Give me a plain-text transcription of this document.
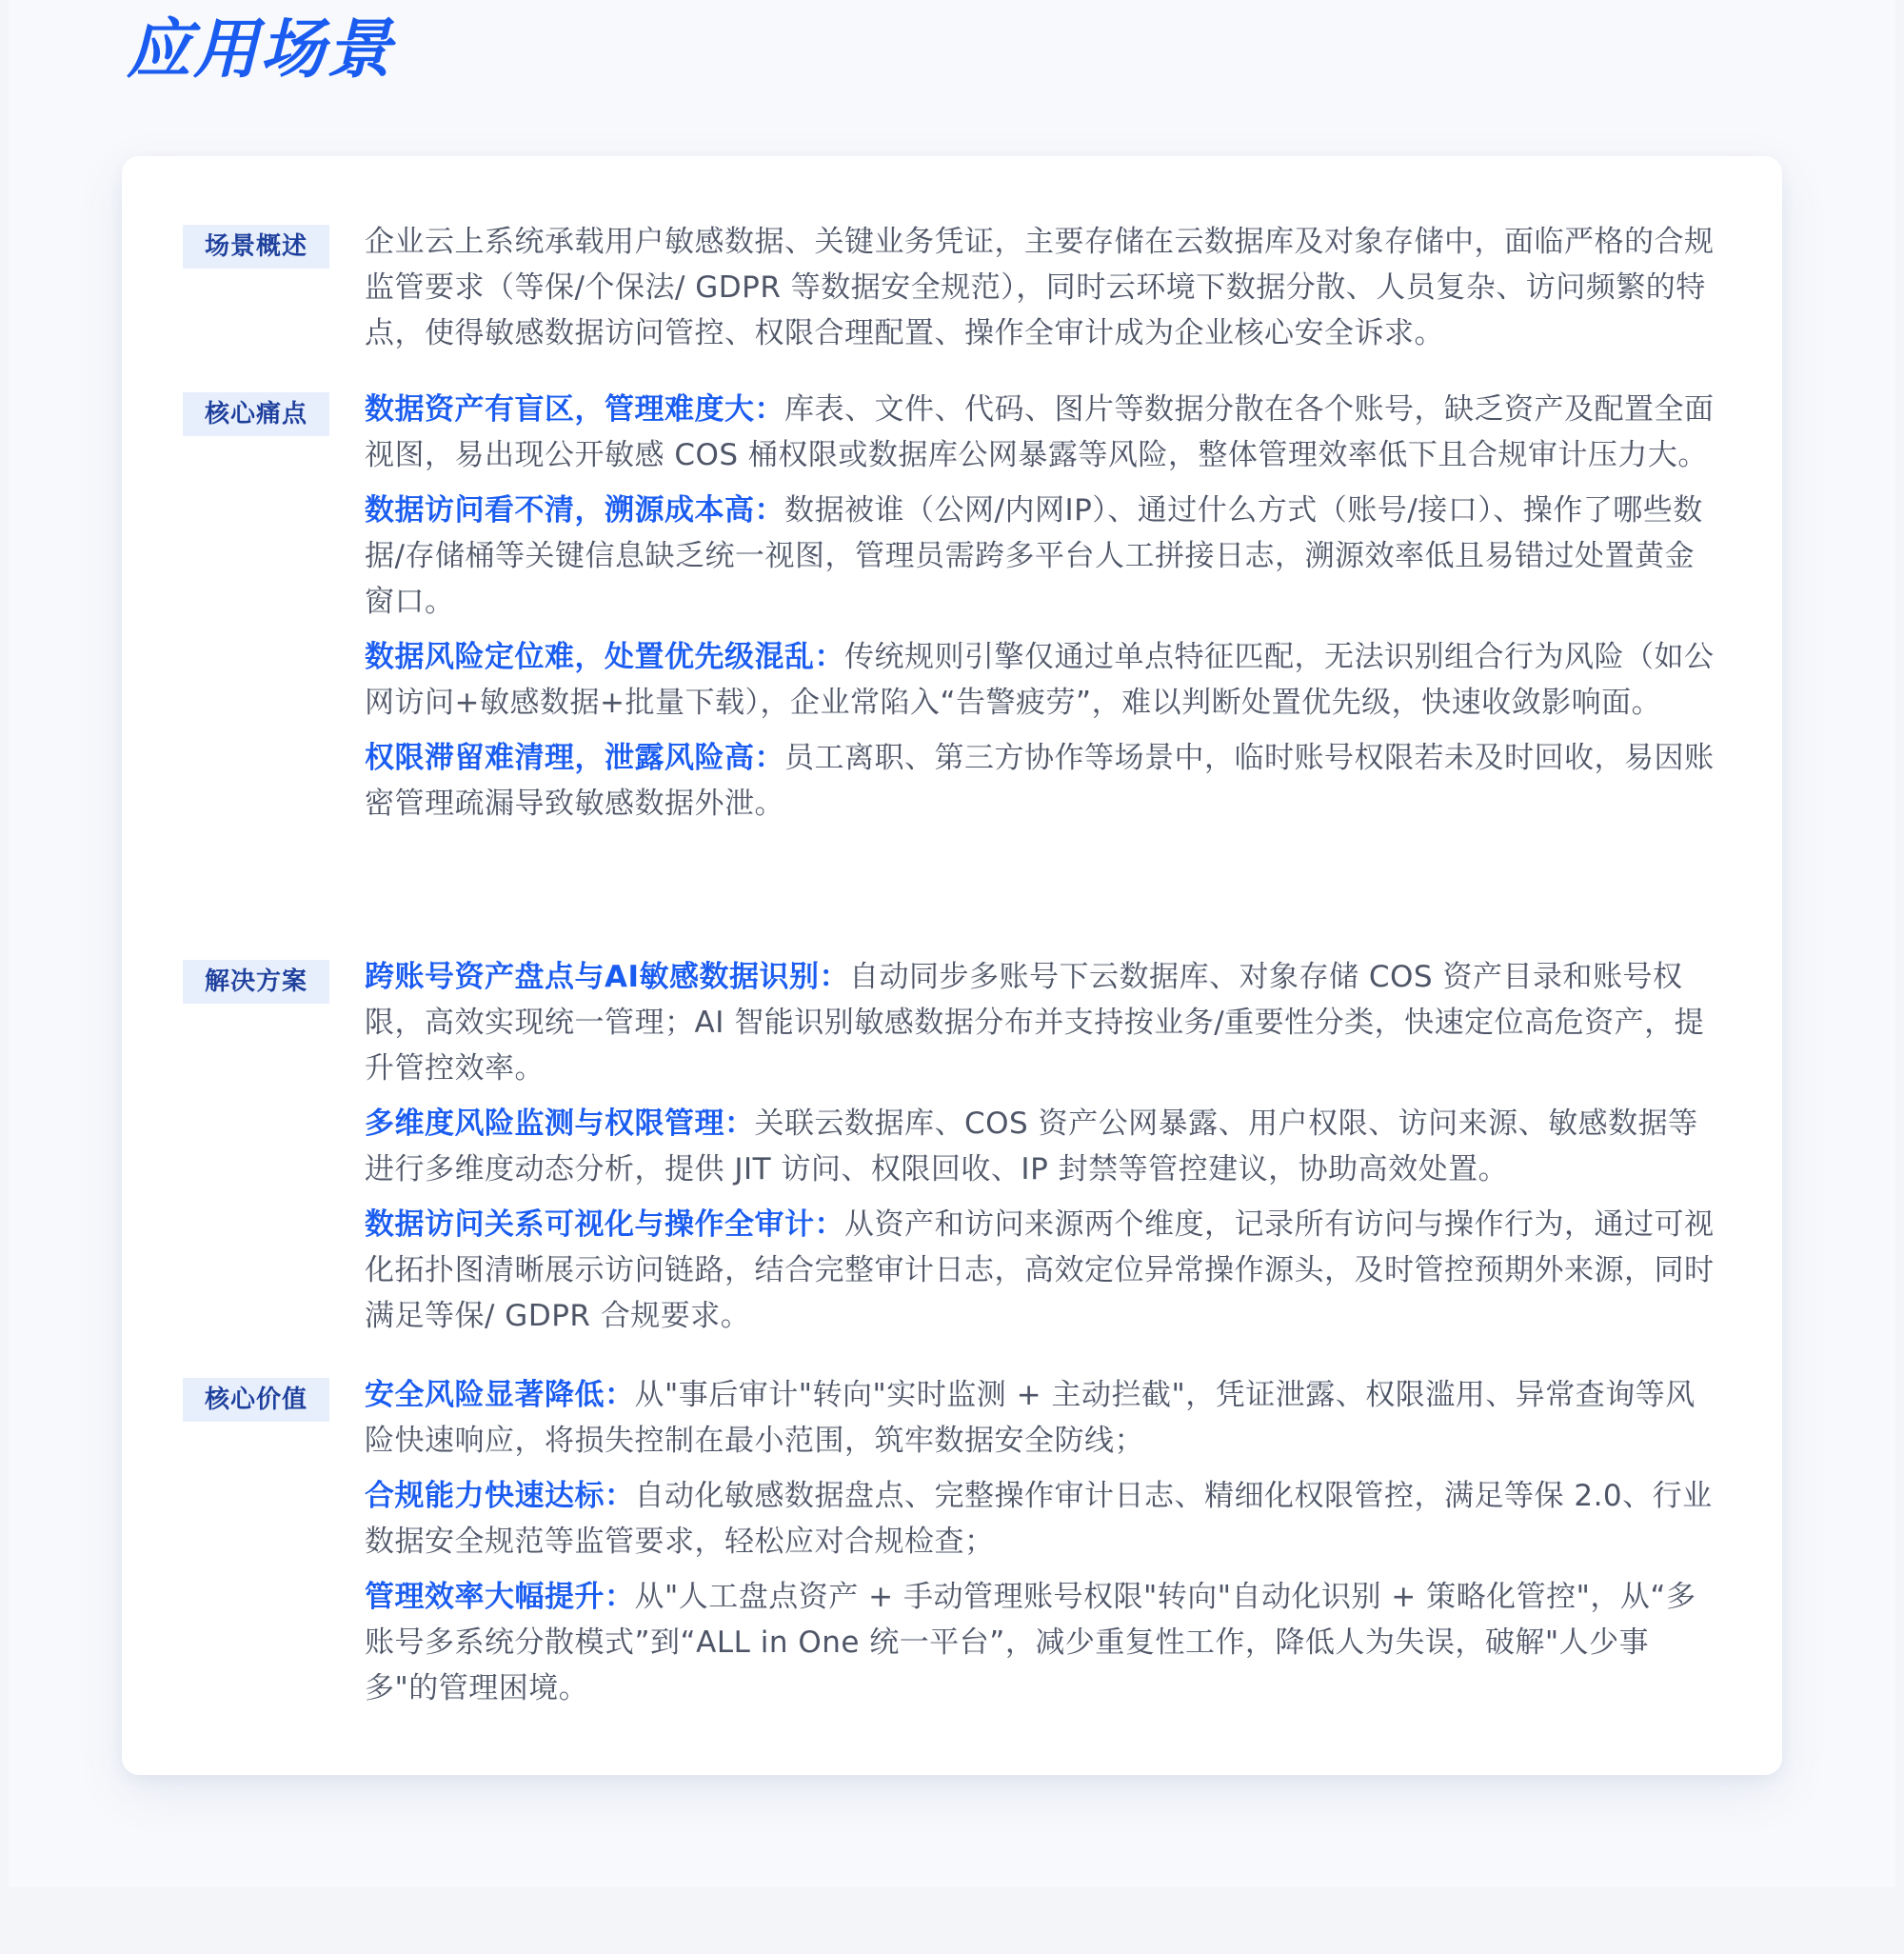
应用场景
场景概述	企业云上系统承载用户敏感数据、关键业务凭证，主要存储在云数据库及对象存储中，面临严格的合规监管要求（等保/个保法/ GDPR 等数据安全规范），同时云环境下数据分散、人员复杂、访问频繁的特点，使得敏感数据访问管控、权限合理配置、操作全审计成为企业核心安全诉求。

核心痛点	数据资产有盲区，管理难度大：库表、文件、代码、图片等数据分散在各个账号，缺乏资产及配置全面视图，易出现公开敏感 COS 桶权限或数据库公网暴露等风险，整体管理效率低下且合规审计压力大。

数据访问看不清，溯源成本高：数据被谁（公网/内网IP）、通过什么方式（账号/接口）、操作了哪些数据/存储桶等关键信息缺乏统一视图，管理员需跨多平台人工拼接日志，溯源效率低且易错过处置黄金窗口。

数据风险定位难，处置优先级混乱：传统规则引擎仅通过单点特征匹配，无法识别组合行为风险（如公网访问+敏感数据+批量下载），企业常陷入“告警疲劳”，难以判断处置优先级，快速收敛影响面。

权限滞留难清理，泄露风险高：员工离职、第三方协作等场景中，临时账号权限若未及时回收，易因账密管理疏漏导致敏感数据外泄。

解决方案	跨账号资产盘点与AI敏感数据识别：自动同步多账号下云数据库、对象存储 COS 资产目录和账号权限，高效实现统一管理；AI 智能识别敏感数据分布并支持按业务/重要性分类，快速定位高危资产，提升管控效率。

多维度风险监测与权限管理：关联云数据库、COS 资产公网暴露、用户权限、访问来源、敏感数据等进行多维度动态分析，提供 JIT 访问、权限回收、IP 封禁等管控建议，协助高效处置。

数据访问关系可视化与操作全审计：从资产和访问来源两个维度，记录所有访问与操作行为，通过可视化拓扑图清晰展示访问链路，结合完整审计日志，高效定位异常操作源头，及时管控预期外来源，同时满足等保/ GDPR 合规要求。

核心价值	安全风险显著降低：从"事后审计"转向"实时监测 + 主动拦截"，凭证泄露、权限滥用、异常查询等风险快速响应，将损失控制在最小范围，筑牢数据安全防线；

合规能力快速达标：自动化敏感数据盘点、完整操作审计日志、精细化权限管控，满足等保 2.0、行业数据安全规范等监管要求，轻松应对合规检查；

管理效率大幅提升：从"人工盘点资产 + 手动管理账号权限"转向"自动化识别 + 策略化管控"，从“多账号多系统分散模式”到“ALL in One 统一平台”，减少重复性工作，降低人为失误，破解"人少事多"的管理困境。
